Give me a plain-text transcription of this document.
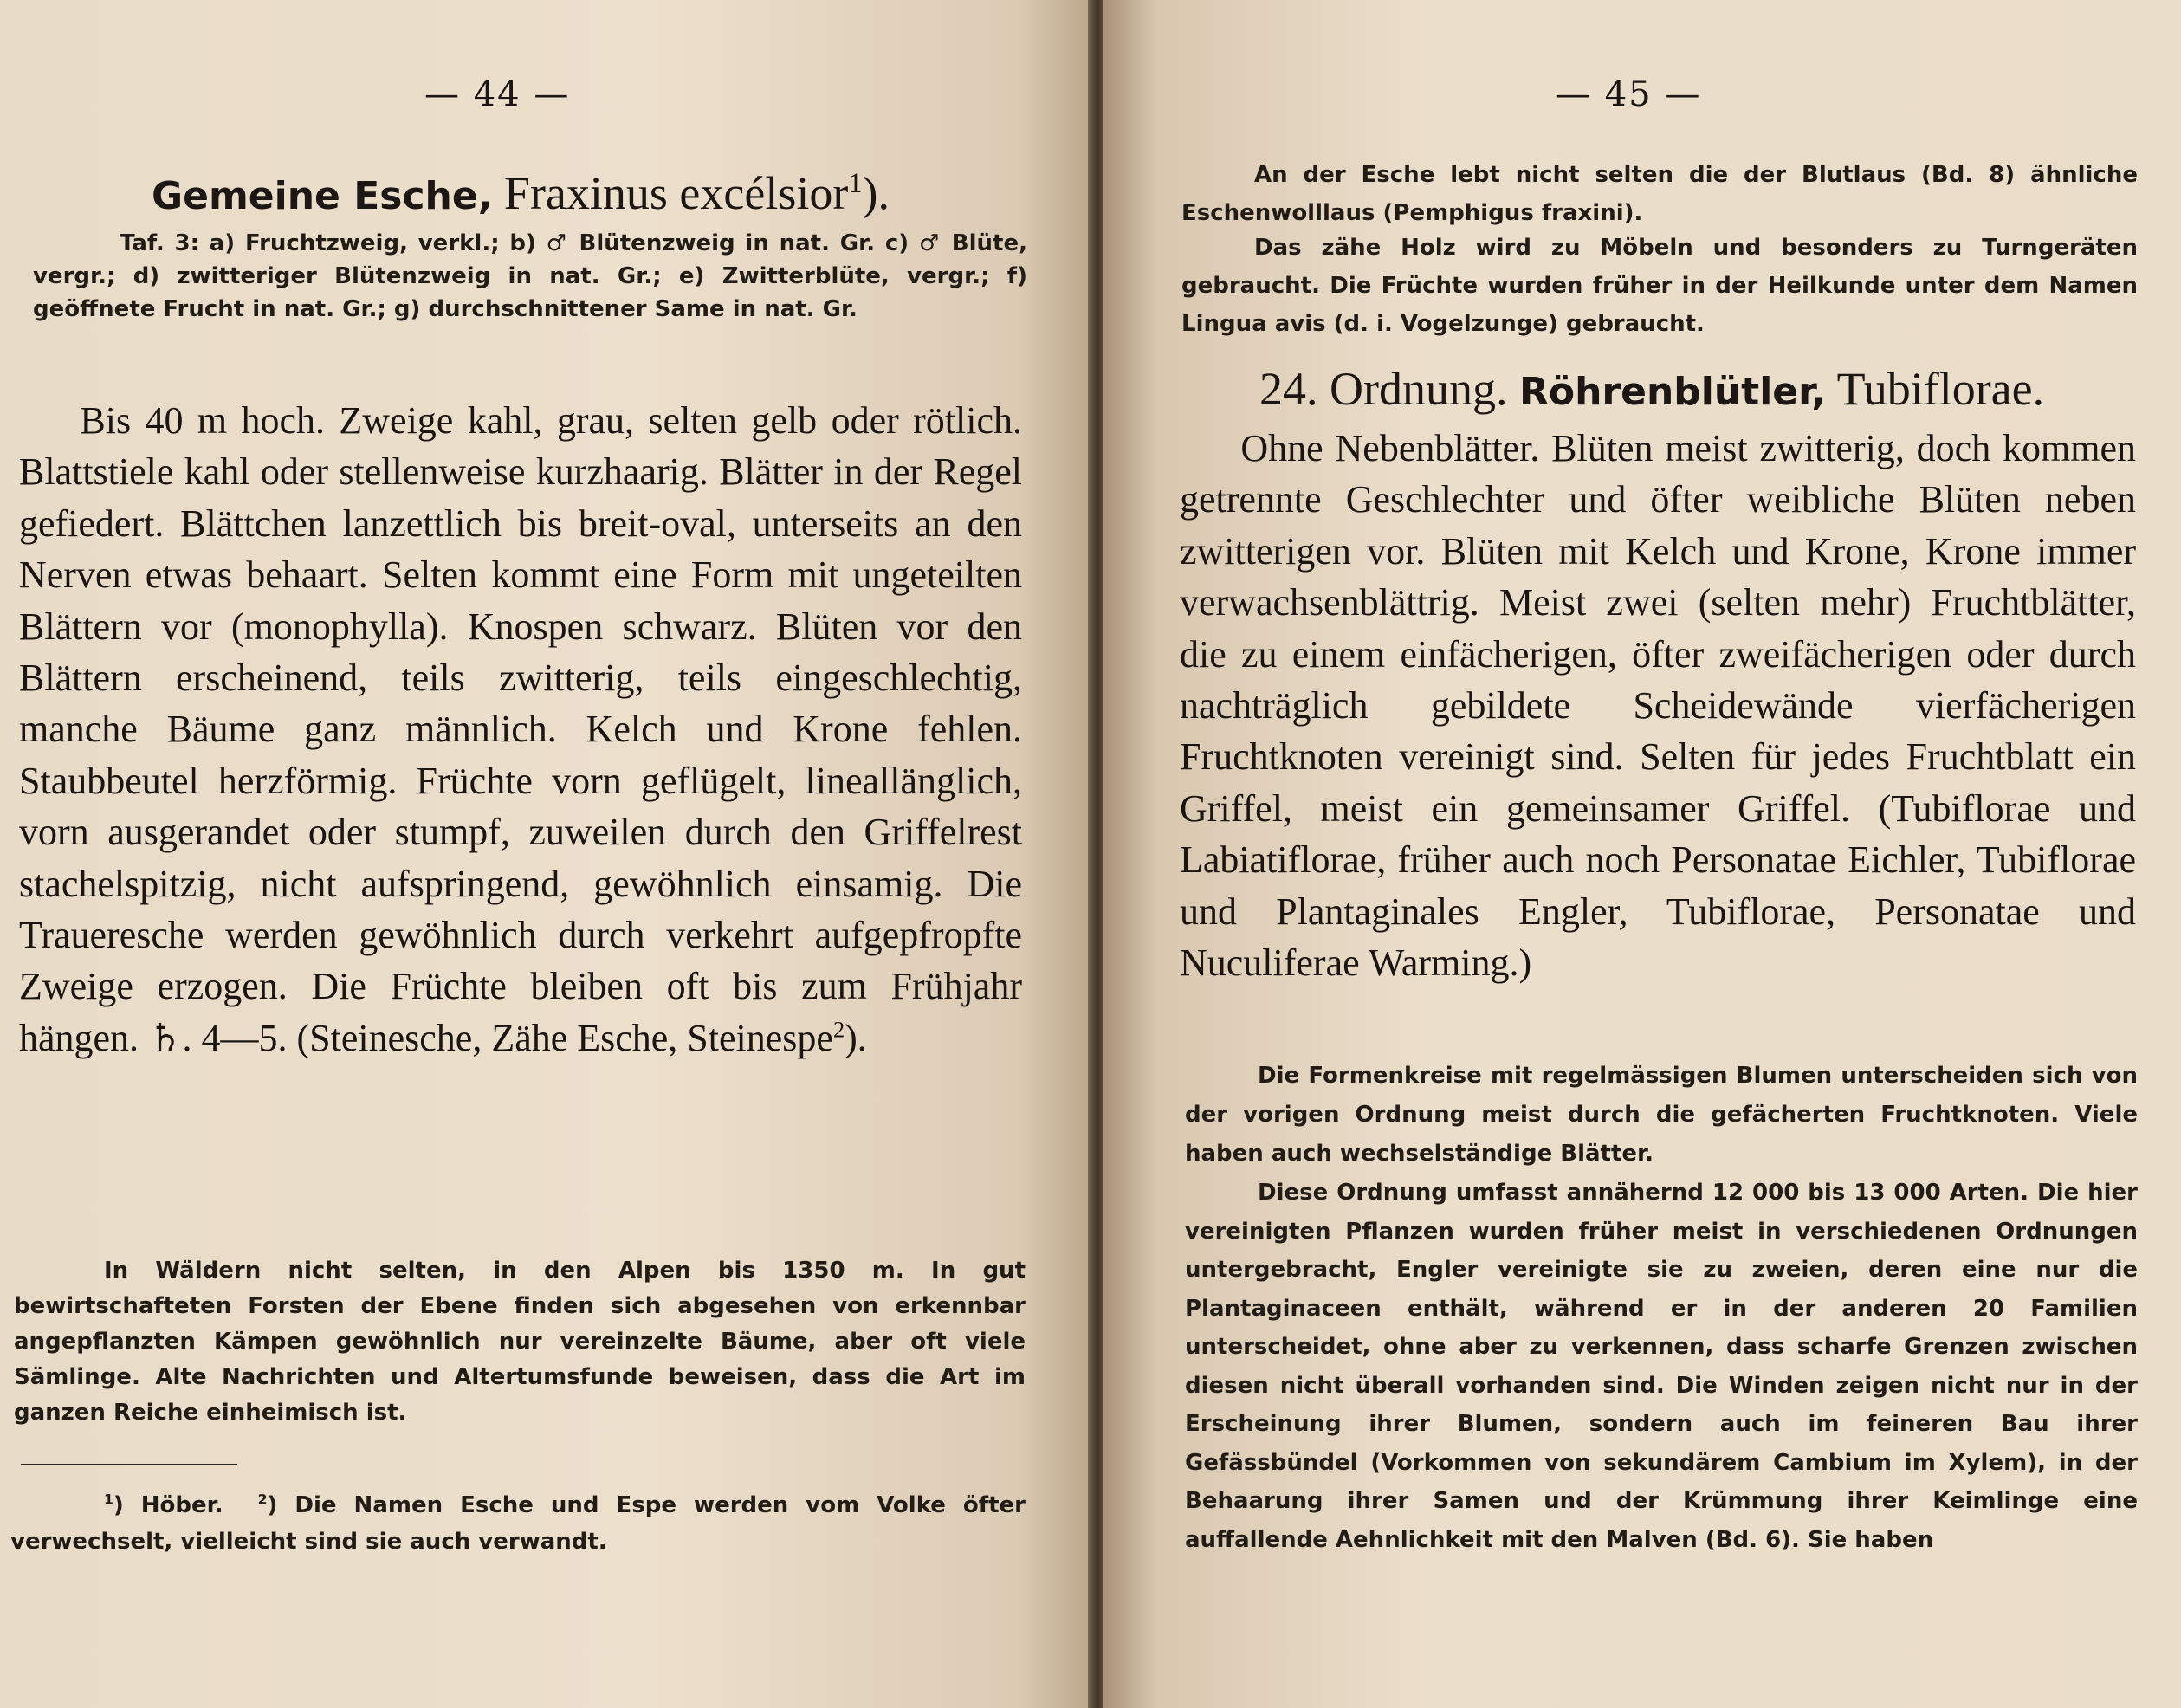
— 44 —
Gemeine Esche, Fraxinus excélsior$^1$).

Taf. 3: a) Fruchtzweig, verkl.; b) ♂ Blütenzweig in nat. Gr. c) ♂ Blüte, vergr.; d) zwitteriger Blütenzweig in nat. Gr.; e) Zwitterblüte, vergr.; f) geöffnete Frucht in nat. Gr.; g) durchschnittener Same in nat. Gr.

Bis 40 m hoch. Zweige kahl, grau, selten gelb oder rötlich. Blattstiele kahl oder stellenweise kurzhaarig. Blätter in der Regel gefiedert. Blättchen lanzettlich bis breit-oval, unterseits an den Nerven etwas behaart. Selten kommt eine Form mit ungeteilten Blättern vor (monophylla). Knospen schwarz. Blüten vor den Blättern erscheinend, teils zwitterig, teils eingeschlechtig, manche Bäume ganz männlich. Kelch und Krone fehlen. Staubbeutel herzförmig. Früchte vorn geflügelt, lineallänglich, vorn ausgerandet oder stumpf, zuweilen durch den Griffelrest stachelspitzig, nicht aufspringend, gewöhnlich einsamig. Die Traueresche werden gewöhnlich durch verkehrt aufgepfropfte Zweige erzogen. Die Früchte bleiben oft bis zum Frühjahr hängen. ♄. 4—5. (Steinesche, Zähe Esche, Steinespe$^2$).

In Wäldern nicht selten, in den Alpen bis 1350 m. In gut bewirtschafteten Forsten der Ebene finden sich abgesehen von erkennbar angepflanzten Kämpen gewöhnlich nur vereinzelte Bäume, aber oft viele Sämlinge. Alte Nachrichten und Altertumsfunde beweisen, dass die Art im ganzen Reiche einheimisch ist.

$^1$) Höber.	$^2$) Die Namen Esche und Espe werden vom Volke öfter verwechselt, vielleicht sind sie auch verwandt.

— 45 —

An der Esche lebt nicht selten die der Blutlaus (Bd. 8) ähnliche Eschenwolllaus (Pemphigus fraxini).

Das zähe Holz wird zu Möbeln und besonders zu Turngeräten gebraucht. Die Früchte wurden früher in der Heilkunde unter dem Namen Lingua avis (d. i. Vogelzunge) gebraucht.

24. Ordnung. Röhrenblütler, Tubiflorae.

Ohne Nebenblätter. Blüten meist zwitterig, doch kommen getrennte Geschlechter und öfter weibliche Blüten neben zwitterigen vor. Blüten mit Kelch und Krone, Krone immer verwachsenblättrig. Meist zwei (selten mehr) Fruchtblätter, die zu einem einfächerigen, öfter zweifächerigen oder durch nachträglich gebildete Scheidewände vierfächerigen Fruchtknoten vereinigt sind. Selten für jedes Fruchtblatt ein Griffel, meist ein gemeinsamer Griffel. (Tubiflorae und Labiatiflorae, früher auch noch Personatae Eichler, Tubiflorae und Plantaginales Engler, Tubiflorae, Personatae und Nuculiferae Warming.)

Die Formenkreise mit regelmässigen Blumen unterscheiden sich von der vorigen Ordnung meist durch die gefächerten Fruchtknoten. Viele haben auch wechselständige Blätter.

Diese Ordnung umfasst annähernd 12 000 bis 13 000 Arten. Die hier vereinigten Pflanzen wurden früher meist in verschiedenen Ordnungen untergebracht, Engler vereinigte sie zu zweien, deren eine nur die Plantaginaceen enthält, während er in der anderen 20 Familien unterscheidet, ohne aber zu verkennen, dass scharfe Grenzen zwischen diesen nicht überall vorhanden sind. Die Winden zeigen nicht nur in der Erscheinung ihrer Blumen, sondern auch im feineren Bau ihrer Gefässbündel (Vorkommen von sekundärem Cambium im Xylem), in der Behaarung ihrer Samen und der Krümmung ihrer Keimlinge eine auffallende Aehnlichkeit mit den Malven (Bd. 6). Sie haben
